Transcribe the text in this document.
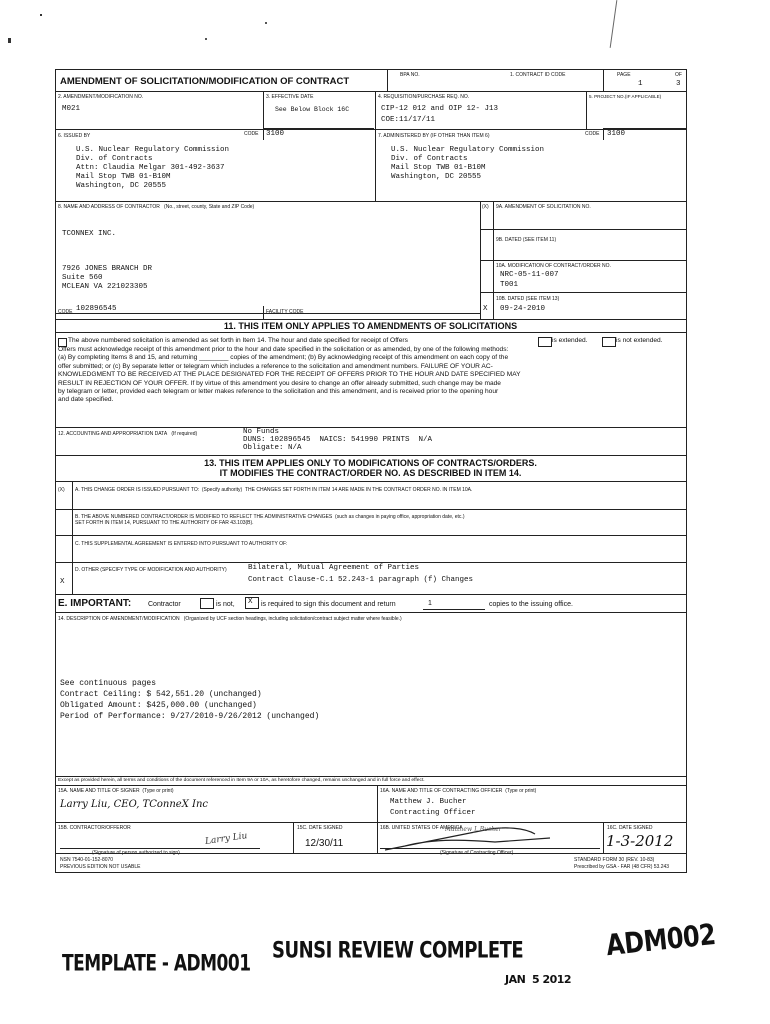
AMENDMENT OF SOLICITATION/MODIFICATION OF CONTRACT
BPA NO.	1. CONTRACT ID CODE	PAGE	OF
1	3
2. AMENDMENT/MODIFICATION NO.
M021
3. EFFECTIVE DATE
See Below Block 16C
4. REQUISITION/PURCHASE REQ. NO.
CIP-12 012 and OIP 12- J13
COE:11/17/11
5. PROJECT NO.(IF APPLICABLE)
6. ISSUED BY	CODE 3100
U.S. Nuclear Regulatory Commission
Div. of Contracts
Attn: Claudia Melgar 301-492-3637
Mail Stop TWB 01-B10M
Washington, DC 20555
7. ADMINISTERED BY (IF OTHER THAN ITEM 6)	CODE 3100
U.S. Nuclear Regulatory Commission
Div. of Contracts
Mail Stop TWB 01-B10M
Washington, DC 20555
8. NAME AND ADDRESS OF CONTRACTOR (No., street, county, State and ZIP Code)
TCONNEX INC.
7926 JONES BRANCH DR
Suite 560
MCLEAN VA 221023305
CODE 102896545	FACILITY CODE
(X) 9A. AMENDMENT OF SOLICITATION NO.
9B. DATED (SEE ITEM 11)
10A. MODIFICATION OF CONTRACT/ORDER NO.
NRC-05-11-007
T001
10B. DATED (SEE ITEM 13)
X 09-24-2010
11. THIS ITEM ONLY APPLIES TO AMENDMENTS OF SOLICITATIONS
The above numbered solicitation is amended as set forth in Item 14. The hour and date specified for receipt of Offers	is extended.	is not extended.
Offers must acknowledge receipt of this amendment prior to the hour and date specified in the solicitation or as amended, by one of the following methods:
(a) By completing Items 8 and 15, and returning ________ copies of the amendment; (b) By acknowledging receipt of this amendment on each copy of the
offer submitted; or (c) By separate letter or telegram which includes a reference to the solicitation and amendment numbers. FAILURE OF YOUR AC-
KNOWLEDGMENT TO BE RECEIVED AT THE PLACE DESIGNATED FOR THE RECEIPT OF OFFERS PRIOR TO THE HOUR AND DATE SPECIFIED MAY
RESULT IN REJECTION OF YOUR OFFER. If by virtue of this amendment you desire to change an offer already submitted, such change may be made
by telegram or letter, provided each telegram or letter makes reference to the solicitation and this amendment, and is received prior to the opening hour
and date specified.
12. ACCOUNTING AND APPROPRIATION DATA (If required)	No Funds
DUNS: 102896545  NAICS: 541990 PRINTS  N/A
Obligate: N/A
13. THIS ITEM APPLIES ONLY TO MODIFICATIONS OF CONTRACTS/ORDERS.
IT MODIFIES THE CONTRACT/ORDER NO. AS DESCRIBED IN ITEM 14.
(X) A. THIS CHANGE ORDER IS ISSUED PURSUANT TO: (Specify authority) THE CHANGES SET FORTH IN ITEM 14 ARE MADE IN THE CONTRACT ORDER NO. IN ITEM 10A.
B. THE ABOVE NUMBERED CONTRACT/ORDER IS MODIFIED TO REFLECT THE ADMINISTRATIVE CHANGES (such as changes in paying office, appropriation date, etc.)
SET FORTH IN ITEM 14, PURSUANT TO THE AUTHORITY OF FAR 43.103(B).
C. THIS SUPPLEMENTAL AGREEMENT IS ENTERED INTO PURSUANT TO AUTHORITY OF:
D. OTHER (SPECIFY TYPE OF MODIFICATION AND AUTHORITY)	Bilateral, Mutual Agreement of Parties
Contract Clause-C.1 52.243-1 paragraph (f) Changes
X
E. IMPORTANT: Contractor	is not, X is required to sign this document and return	1	copies to the issuing office.
14. DESCRIPTION OF AMENDMENT/MODIFICATION (Organized by UCF section headings, including solicitation/contract subject matter where feasible.)
See continuous pages
Contract Ceiling: $ 542,551.20 (unchanged)
Obligated Amount: $425,000.00 (unchanged)
Period of Performance: 9/27/2010-9/26/2012 (unchanged)
Except as provided herein, all terms and conditions of the document referenced in Item 9A or 10A, as heretofore changed, remains unchanged and in full force and effect.
15A. NAME AND TITLE OF SIGNER (Type or print)
Larry Liu, CEO, TConneX Inc
16A. NAME AND TITLE OF CONTRACTING OFFICER (Type or print)
Matthew J. Bucher
Contracting Officer
15B. CONTRACTOR/OFFEROR
Larry Liu
(Signature of person authorized to sign)
15C. DATE SIGNED
12/30/11
16B. UNITED STATES OF AMERICA
Matthew J. Bucher
(Signature of Contracting Officer)
16C. DATE SIGNED
1-3-2012
NSN 7540-01-152-8070
PREVIOUS EDITION NOT USABLE
STANDARD FORM 30 (REV. 10-83)
Prescribed by GSA - FAR (48 CFR) 53.243
TEMPLATE - ADM001
SUNSI REVIEW COMPLETE	ADM002
JAN  5 2012
